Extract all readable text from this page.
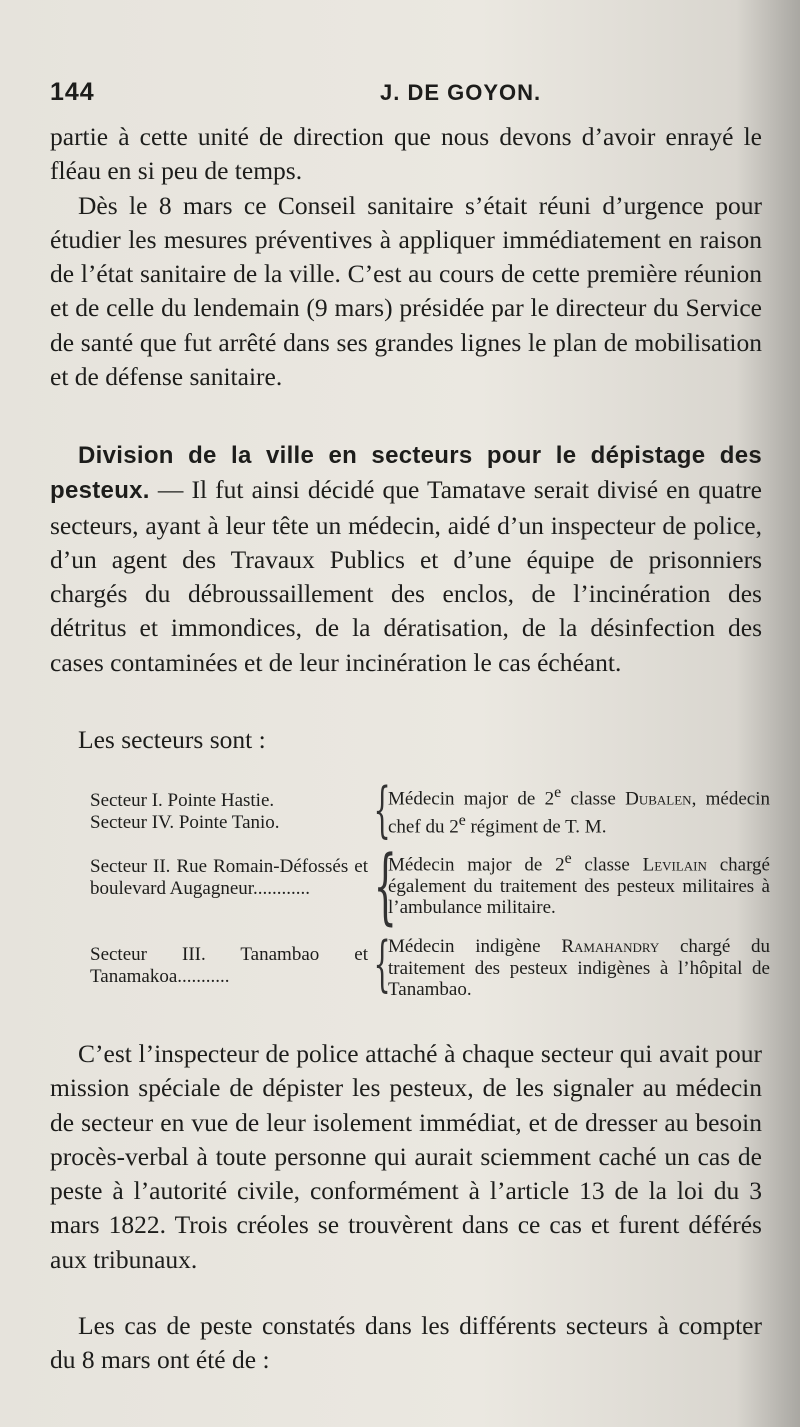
144	J. DE GOYON.

partie à cette unité de direction que nous devons d’avoir enrayé le fléau en si peu de temps.

Dès le 8 mars ce Conseil sanitaire s’était réuni d’urgence pour étudier les mesures préventives à appliquer immédiatement en raison de l’état sanitaire de la ville. C’est au cours de cette première réunion et de celle du lendemain (9 mars) présidée par le directeur du Service de santé que fut arrêté dans ses grandes lignes le plan de mobilisation et de défense sanitaire.

Division de la ville en secteurs pour le dépistage des pesteux. — Il fut ainsi décidé que Tamatave serait divisé en quatre secteurs, ayant à leur tête un médecin, aidé d’un inspecteur de police, d’un agent des Travaux Publics et d’une équipe de prisonniers chargés du débroussaillement des enclos, de l’incinération des détritus et immondices, de la dératisation, de la désinfection des cases contaminées et de leur incinération le cas échéant.
Les secteurs sont :
Secteur I. Pointe Hastie.
Secteur IV. Pointe Tanio.	{
Médecin major de 2e classe Dubalen, médecin chef du 2e régiment de T. M.
Secteur II. Rue Romain-Défossés et boulevard Augagneur............ {
Médecin major de 2e classe Levilain chargé également du traitement des pesteux militaires à l’ambulance militaire.
Secteur III. Tanambao et Tanamakoa...........	{
Médecin indigène Ramahandry chargé du traitement des pesteux indigènes à l’hôpital de Tanambao.
C’est l’inspecteur de police attaché à chaque secteur qui avait pour mission spéciale de dépister les pesteux, de les signaler au médecin de secteur en vue de leur isolement immédiat, et de dresser au besoin procès-verbal à toute personne qui aurait sciemment caché un cas de peste à l’autorité civile, conformément à l’article 13 de la loi du 3 mars 1822. Trois créoles se trouvèrent dans ce cas et furent déférés aux tribunaux.
Les cas de peste constatés dans les différents secteurs à compter du 8 mars ont été de :
